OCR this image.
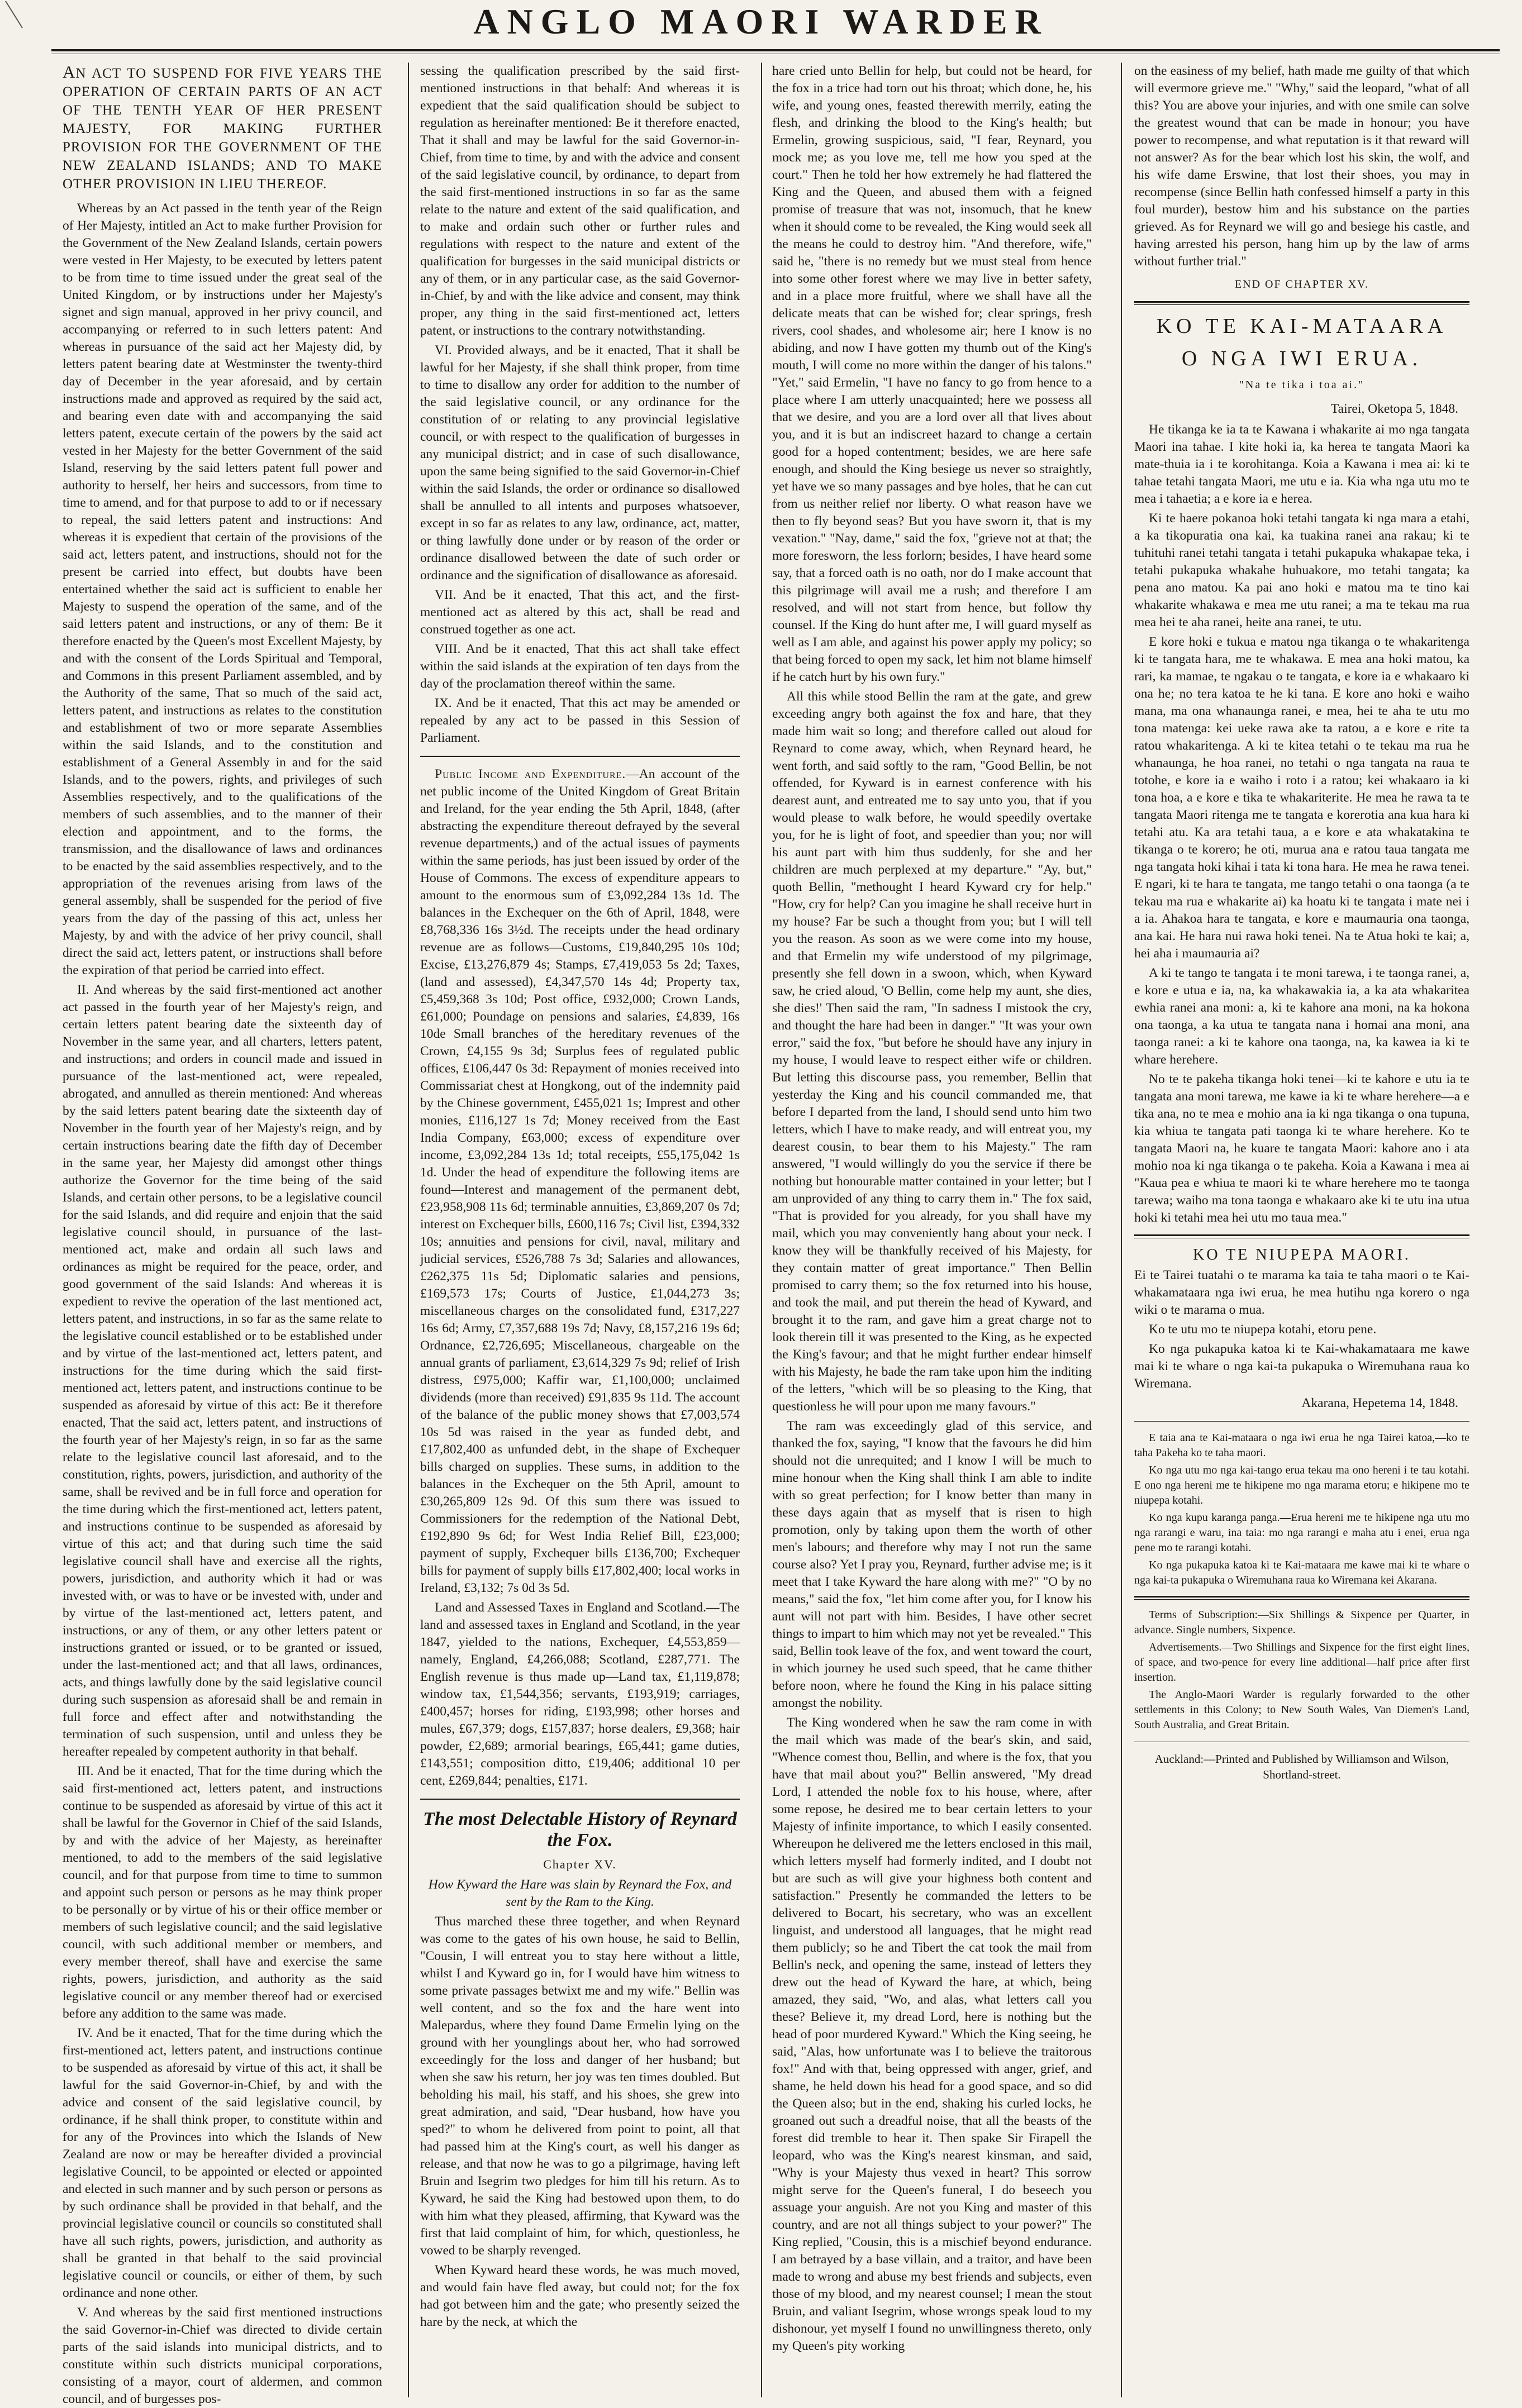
ANGLO MAORI WARDER
AN ACT TO SUSPEND FOR FIVE YEARS THE OPERATION OF CERTAIN PARTS OF AN ACT OF THE TENTH YEAR OF HER PRESENT MAJESTY, FOR MAKING FURTHER PROVISION FOR THE GOVERNMENT OF THE NEW ZEALAND ISLANDS; AND TO MAKE OTHER PROVISION IN LIEU THEREOF.

Whereas by an Act passed in the tenth year of the Reign of Her Majesty, intitled an Act to make further Provision for the Government of the New Zealand Islands, certain powers were vested in Her Majesty, to be executed by letters patent to be from time to time issued under the great seal of the United Kingdom, or by instructions under her Majesty's signet and sign manual, approved in her privy council, and accompanying or referred to in such letters patent: And whereas in pursuance of the said act her Majesty did, by letters patent bearing date at Westminster the twenty-third day of December in the year aforesaid, and by certain instructions made and approved as required by the said act, and bearing even date with and accompanying the said letters patent, execute certain of the powers by the said act vested in her Majesty for the better Government of the said Island, reserving by the said letters patent full power and authority to herself, her heirs and successors, from time to time to amend, and for that purpose to add to or if necessary to repeal, the said letters patent and instructions: And whereas it is expedient that certain of the provisions of the said act, letters patent, and instructions, should not for the present be carried into effect, but doubts have been entertained whether the said act is sufficient to enable her Majesty to suspend the operation of the same, and of the said letters patent and instructions, or any of them: Be it therefore enacted by the Queen's most Excellent Majesty, by and with the consent of the Lords Spiritual and Temporal, and Commons in this present Parliament assembled, and by the Authority of the same, That so much of the said act, letters patent, and instructions as relates to the constitution and establishment of two or more separate Assemblies within the said Islands, and to the constitution and establishment of a General Assembly in and for the said Islands, and to the powers, rights, and privileges of such Assemblies respectively, and to the qualifications of the members of such assemblies, and to the manner of their election and appointment, and to the forms, the transmission, and the disallowance of laws and ordinances to be enacted by the said assemblies respectively, and to the appropriation of the revenues arising from laws of the general assembly, shall be suspended for the period of five years from the day of the passing of this act, unless her Majesty, by and with the advice of her privy council, shall direct the said act, letters patent, or instructions shall before the expiration of that period be carried into effect.

II. And whereas by the said first-mentioned act another act passed in the fourth year of her Majesty's reign, and certain letters patent bearing date the sixteenth day of November in the same year, and all charters, letters patent, and instructions; and orders in council made and issued in pursuance of the last-mentioned act, were repealed, abrogated, and annulled as therein mentioned: And whereas by the said letters patent bearing date the sixteenth day of November in the fourth year of her Majesty's reign, and by certain instructions bearing date the fifth day of December in the same year, her Majesty did amongst other things authorize the Governor for the time being of the said Islands, and certain other persons, to be a legislative council for the said Islands, and did require and enjoin that the said legislative council should, in pursuance of the last-mentioned act, make and ordain all such laws and ordinances as might be required for the peace, order, and good government of the said Islands: And whereas it is expedient to revive the operation of the last mentioned act, letters patent, and instructions, in so far as the same relate to the legislative council established or to be established under and by virtue of the last-mentioned act, letters patent, and instructions for the time during which the said first-mentioned act, letters patent, and instructions continue to be suspended as aforesaid by virtue of this act: Be it therefore enacted, That the said act, letters patent, and instructions of the fourth year of her Majesty's reign, in so far as the same relate to the legislative council last aforesaid, and to the constitution, rights, powers, jurisdiction, and authority of the same, shall be revived and be in full force and operation for the time during which the first-mentioned act, letters patent, and instructions continue to be suspended as aforesaid by virtue of this act; and that during such time the said legislative council shall have and exercise all the rights, powers, jurisdiction, and authority which it had or was invested with, or was to have or be invested with, under and by virtue of the last-mentioned act, letters patent, and instructions, or any of them, or any other letters patent or instructions granted or issued, or to be granted or issued, under the last-mentioned act; and that all laws, ordinances, acts, and things lawfully done by the said legislative council during such suspension as aforesaid shall be and remain in full force and effect after and notwithstanding the termination of such suspension, until and unless they be hereafter repealed by competent authority in that behalf.

III. And be it enacted, That for the time during which the said first-mentioned act, letters patent, and instructions continue to be suspended as aforesaid by virtue of this act it shall be lawful for the Governor in Chief of the said Islands, by and with the advice of her Majesty, as hereinafter mentioned, to add to the members of the said legislative council, and for that purpose from time to time to summon and appoint such person or persons as he may think proper to be personally or by virtue of his or their office member or members of such legislative council; and the said legislative council, with such additional member or members, and every member thereof, shall have and exercise the same rights, powers, jurisdiction, and authority as the said legislative council or any member thereof had or exercised before any addition to the same was made.

IV. And be it enacted, That for the time during which the first-mentioned act, letters patent, and instructions continue to be suspended as aforesaid by virtue of this act, it shall be lawful for the said Governor-in-Chief, by and with the advice and consent of the said legislative council, by ordinance, if he shall think proper, to constitute within and for any of the Provinces into which the Islands of New Zealand are now or may be hereafter divided a provincial legislative Council, to be appointed or elected or appointed and elected in such manner and by such person or persons as by such ordinance shall be provided in that behalf, and the provincial legislative council or councils so constituted shall have all such rights, powers, jurisdiction, and authority as shall be granted in that behalf to the said provincial legislative council or councils, or either of them, by such ordinance and none other.

V. And whereas by the said first mentioned instructions the said Governor-in-Chief was directed to divide certain parts of the said islands into municipal districts, and to constitute within such districts municipal corporations, consisting of a mayor, court of aldermen, and common council, and of burgesses pos-

sessing the qualification prescribed by the said first-mentioned instructions in that behalf: And whereas it is expedient that the said qualification should be subject to regulation as hereinafter mentioned: Be it therefore enacted, That it shall and may be lawful for the said Governor-in-Chief, from time to time, by and with the advice and consent of the said legislative council, by ordinance, to depart from the said first-mentioned instructions in so far as the same relate to the nature and extent of the said qualification, and to make and ordain such other or further rules and regulations with respect to the nature and extent of the qualification for burgesses in the said municipal districts or any of them, or in any particular case, as the said Governor-in-Chief, by and with the like advice and consent, may think proper, any thing in the said first-mentioned act, letters patent, or instructions to the contrary notwithstanding.

VI. Provided always, and be it enacted, That it shall be lawful for her Majesty, if she shall think proper, from time to time to disallow any order for addition to the number of the said legislative council, or any ordinance for the constitution of or relating to any provincial legislative council, or with respect to the qualification of burgesses in any municipal district; and in case of such disallowance, upon the same being signified to the said Governor-in-Chief within the said Islands, the order or ordinance so disallowed shall be annulled to all intents and purposes whatsoever, except in so far as relates to any law, ordinance, act, matter, or thing lawfully done under or by reason of the order or ordinance disallowed between the date of such order or ordinance and the signification of disallowance as aforesaid.

VII. And be it enacted, That this act, and the first-mentioned act as altered by this act, shall be read and construed together as one act.

VIII. And be it enacted, That this act shall take effect within the said islands at the expiration of ten days from the day of the proclamation thereof within the same.

IX. And be it enacted, That this act may be amended or repealed by any act to be passed in this Session of Parliament.

Public Income and Expenditure.—An account of the net public income of the United Kingdom of Great Britain and Ireland, for the year ending the 5th April, 1848, (after abstracting the expenditure thereout defrayed by the several revenue departments,) and of the actual issues of payments within the same periods, has just been issued by order of the House of Commons. The excess of expenditure appears to amount to the enormous sum of £3,092,284 13s 1d. The balances in the Exchequer on the 6th of April, 1848, were £8,768,336 16s 3½d. The receipts under the head ordinary revenue are as follows—Customs, £19,840,295 10s 10d; Excise, £13,276,879 4s; Stamps, £7,419,053 5s 2d; Taxes, (land and assessed), £4,347,570 14s 4d; Property tax, £5,459,368 3s 10d; Post office, £932,000; Crown Lands, £61,000; Poundage on pensions and salaries, £4,839, 16s 10de Small branches of the hereditary revenues of the Crown, £4,155 9s 3d; Surplus fees of regulated public offices, £106,447 0s 3d: Repayment of monies received into Commissariat chest at Hongkong, out of the indemnity paid by the Chinese government, £455,021 1s; Imprest and other monies, £116,127 1s 7d; Money received from the East India Company, £63,000; excess of expenditure over income, £3,092,284 13s 1d; total receipts, £55,175,042 1s 1d. Under the head of expenditure the following items are found—Interest and management of the permanent debt, £23,958,908 11s 6d; terminable annuities, £3,869,207 0s 7d; interest on Exchequer bills, £600,116 7s; Civil list, £394,332 10s; annuities and pensions for civil, naval, military and judicial services, £526,788 7s 3d; Salaries and allowances, £262,375 11s 5d; Diplomatic salaries and pensions, £169,573 17s; Courts of Justice, £1,044,273 3s; miscellaneous charges on the consolidated fund, £317,227 16s 6d; Army, £7,357,688 19s 7d; Navy, £8,157,216 19s 6d; Ordnance, £2,726,695; Miscellaneous, chargeable on the annual grants of parliament, £3,614,329 7s 9d; relief of Irish distress, £975,000; Kaffir war, £1,100,000; unclaimed dividends (more than received) £91,835 9s 11d. The account of the balance of the public money shows that £7,003,574 10s 5d was raised in the year as funded debt, and £17,802,400 as unfunded debt, in the shape of Exchequer bills charged on supplies. These sums, in addition to the balances in the Exchequer on the 5th April, amount to £30,265,809 12s 9d. Of this sum there was issued to Commissioners for the redemption of the National Debt, £192,890 9s 6d; for West India Relief Bill, £23,000; payment of supply, Exchequer bills £136,700; Exchequer bills for payment of supply bills £17,802,400; local works in Ireland, £3,132; 7s 0d 3s 5d.

Land and Assessed Taxes in England and Scotland.—The land and assessed taxes in England and Scotland, in the year 1847, yielded to the nations, Exchequer, £4,553,859—namely, England, £4,266,088; Scotland, £287,771. The English revenue is thus made up—Land tax, £1,119,878; window tax, £1,544,356; servants, £193,919; carriages, £400,457; horses for riding, £193,998; other horses and mules, £67,379; dogs, £157,837; horse dealers, £9,368; hair powder, £2,689; armorial bearings, £65,441; game duties, £143,551; composition ditto, £19,406; additional 10 per cent, £269,844; penalties, £171.

The most Delectable History of Reynard the Fox.
Chapter XV.

How Kyward the Hare was slain by Reynard the Fox, and sent by the Ram to the King.

Thus marched these three together, and when Reynard was come to the gates of his own house, he said to Bellin, "Cousin, I will entreat you to stay here without a little, whilst I and Kyward go in, for I would have him witness to some private passages betwixt me and my wife." Bellin was well content, and so the fox and the hare went into Malepardus, where they found Dame Ermelin lying on the ground with her younglings about her, who had sorrowed exceedingly for the loss and danger of her husband; but when she saw his return, her joy was ten times doubled. But beholding his mail, his staff, and his shoes, she grew into great admiration, and said, "Dear husband, how have you sped?" to whom he delivered from point to point, all that had passed him at the King's court, as well his danger as release, and that now he was to go a pilgrimage, having left Bruin and Isegrim two pledges for him till his return. As to Kyward, he said the King had bestowed upon them, to do with him what they pleased, affirming, that Kyward was the first that laid complaint of him, for which, questionless, he vowed to be sharply revenged.

When Kyward heard these words, he was much moved, and would fain have fled away, but could not; for the fox had got between him and the gate; who presently seized the hare by the neck, at which the

hare cried unto Bellin for help, but could not be heard, for the fox in a trice had torn out his throat; which done, he, his wife, and young ones, feasted therewith merrily, eating the flesh, and drinking the blood to the King's health; but Ermelin, growing suspicious, said, "I fear, Reynard, you mock me; as you love me, tell me how you sped at the court." Then he told her how extremely he had flattered the King and the Queen, and abused them with a feigned promise of treasure that was not, insomuch, that he knew when it should come to be revealed, the King would seek all the means he could to destroy him. "And therefore, wife," said he, "there is no remedy but we must steal from hence into some other forest where we may live in better safety, and in a place more fruitful, where we shall have all the delicate meats that can be wished for; clear springs, fresh rivers, cool shades, and wholesome air; here I know is no abiding, and now I have gotten my thumb out of the King's mouth, I will come no more within the danger of his talons." "Yet," said Ermelin, "I have no fancy to go from hence to a place where I am utterly unacquainted; here we possess all that we desire, and you are a lord over all that lives about you, and it is but an indiscreet hazard to change a certain good for a hoped contentment; besides, we are here safe enough, and should the King besiege us never so straightly, yet have we so many passages and bye holes, that he can cut from us neither relief nor liberty. O what reason have we then to fly beyond seas? But you have sworn it, that is my vexation." "Nay, dame," said the fox, "grieve not at that; the more foresworn, the less forlorn; besides, I have heard some say, that a forced oath is no oath, nor do I make account that this pilgrimage will avail me a rush; and therefore I am resolved, and will not start from hence, but follow thy counsel. If the King do hunt after me, I will guard myself as well as I am able, and against his power apply my policy; so that being forced to open my sack, let him not blame himself if he catch hurt by his own fury."

All this while stood Bellin the ram at the gate, and grew exceeding angry both against the fox and hare, that they made him wait so long; and therefore called out aloud for Reynard to come away, which, when Reynard heard, he went forth, and said softly to the ram, "Good Bellin, be not offended, for Kyward is in earnest conference with his dearest aunt, and entreated me to say unto you, that if you would please to walk before, he would speedily overtake you, for he is light of foot, and speedier than you; nor will his aunt part with him thus suddenly, for she and her children are much perplexed at my departure." "Ay, but," quoth Bellin, "methought I heard Kyward cry for help." "How, cry for help? Can you imagine he shall receive hurt in my house? Far be such a thought from you; but I will tell you the reason. As soon as we were come into my house, and that Ermelin my wife understood of my pilgrimage, presently she fell down in a swoon, which, when Kyward saw, he cried aloud, 'O Bellin, come help my aunt, she dies, she dies!' Then said the ram, "In sadness I mistook the cry, and thought the hare had been in danger." "It was your own error," said the fox, "but before he should have any injury in my house, I would leave to respect either wife or children. But letting this discourse pass, you remember, Bellin that yesterday the King and his council commanded me, that before I departed from the land, I should send unto him two letters, which I have to make ready, and will entreat you, my dearest cousin, to bear them to his Majesty." The ram answered, "I would willingly do you the service if there be nothing but honourable matter contained in your letter; but I am unprovided of any thing to carry them in." The fox said, "That is provided for you already, for you shall have my mail, which you may conveniently hang about your neck. I know they will be thankfully received of his Majesty, for they contain matter of great importance." Then Bellin promised to carry them; so the fox returned into his house, and took the mail, and put therein the head of Kyward, and brought it to the ram, and gave him a great charge not to look therein till it was presented to the King, as he expected the King's favour; and that he might further endear himself with his Majesty, he bade the ram take upon him the inditing of the letters, "which will be so pleasing to the King, that questionless he will pour upon me many favours."

The ram was exceedingly glad of this service, and thanked the fox, saying, "I know that the favours he did him should not die unrequited; and I know I will be much to mine honour when the King shall think I am able to indite with so great perfection; for I know better than many in these days again that as myself that is risen to high promotion, only by taking upon them the worth of other men's labours; and therefore why may I not run the same course also? Yet I pray you, Reynard, further advise me; is it meet that I take Kyward the hare along with me?" "O by no means," said the fox, "let him come after you, for I know his aunt will not part with him. Besides, I have other secret things to impart to him which may not yet be revealed." This said, Bellin took leave of the fox, and went toward the court, in which journey he used such speed, that he came thither before noon, where he found the King in his palace sitting amongst the nobility.

The King wondered when he saw the ram come in with the mail which was made of the bear's skin, and said, "Whence comest thou, Bellin, and where is the fox, that you have that mail about you?" Bellin answered, "My dread Lord, I attended the noble fox to his house, where, after some repose, he desired me to bear certain letters to your Majesty of infinite importance, to which I easily consented. Whereupon he delivered me the letters enclosed in this mail, which letters myself had formerly indited, and I doubt not but are such as will give your highness both content and satisfaction." Presently he commanded the letters to be delivered to Bocart, his secretary, who was an excellent linguist, and understood all languages, that he might read them publicly; so he and Tibert the cat took the mail from Bellin's neck, and opening the same, instead of letters they drew out the head of Kyward the hare, at which, being amazed, they said, "Wo, and alas, what letters call you these? Believe it, my dread Lord, here is nothing but the head of poor murdered Kyward." Which the King seeing, he said, "Alas, how unfortunate was I to believe the traitorous fox!" And with that, being oppressed with anger, grief, and shame, he held down his head for a good space, and so did the Queen also; but in the end, shaking his curled locks, he groaned out such a dreadful noise, that all the beasts of the forest did tremble to hear it. Then spake Sir Firapell the leopard, who was the King's nearest kinsman, and said, "Why is your Majesty thus vexed in heart? This sorrow might serve for the Queen's funeral, I do beseech you assuage your anguish. Are not you King and master of this country, and are not all things subject to your power?" The King replied, "Cousin, this is a mischief beyond endurance. I am betrayed by a base villain, and a traitor, and have been made to wrong and abuse my best friends and subjects, even those of my blood, and my nearest counsel; I mean the stout Bruin, and valiant Isegrim, whose wrongs speak loud to my dishonour, yet myself I found no unwillingness thereto, only my Queen's pity working

on the easiness of my belief, hath made me guilty of that which will evermore grieve me." "Why," said the leopard, "what of all this? You are above your injuries, and with one smile can solve the greatest wound that can be made in honour; you have power to recompense, and what reputation is it that reward will not answer? As for the bear which lost his skin, the wolf, and his wife dame Erswine, that lost their shoes, you may in recompense (since Bellin hath confessed himself a party in this foul murder), bestow him and his substance on the parties grieved. As for Reynard we will go and besiege his castle, and having arrested his person, hang him up by the law of arms without further trial."

END OF CHAPTER XV.
KO TE KAI-MATAARA
O NGA IWI ERUA.
"Na te tika i toa ai."
Tairei, Oketopa 5, 1848.

He tikanga ke ia ta te Kawana i whakarite ai mo nga tangata Maori ina tahae. I kite hoki ia, ka herea te tangata Maori ka mate-thuia ia i te korohitanga. Koia a Kawana i mea ai: ki te tahae tetahi tangata Maori, me utu e ia. Kia wha nga utu mo te mea i tahaetia; a e kore ia e herea.

Ki te haere pokanoa hoki tetahi tangata ki nga mara a etahi, a ka tikopuratia ona kai, ka tuakina ranei ana rakau; ki te tuhituhi ranei tetahi tangata i tetahi pukapuka whakapae teka, i tetahi pukapuka whakahe huhuakore, mo tetahi tangata; ka pena ano matou. Ka pai ano hoki e matou ma te tino kai whakarite whakawa e mea me utu ranei; a ma te tekau ma rua mea hei te aha ranei, heite ana ranei, te utu.

E kore hoki e tukua e matou nga tikanga o te whakaritenga ki te tangata hara, me te whakawa. E mea ana hoki matou, ka rari, ka mamae, te ngakau o te tangata, e kore ia e whakaaro ki ona he; no tera katoa te he ki tana. E kore ano hoki e waiho mana, ma ona whanaunga ranei, e mea, hei te aha te utu mo tona matenga: kei ueke rawa ake ta ratou, a e kore e rite ta ratou whakaritenga. A ki te kitea tetahi o te tekau ma rua he whanaunga, he hoa ranei, no tetahi o nga tangata na raua te totohe, e kore ia e waiho i roto i a ratou; kei whakaaro ia ki tona hoa, a e kore e tika te whakariterite. He mea he rawa ta te tangata Maori ritenga me te tangata e korerotia ana kua hara ki tetahi atu. Ka ara tetahi taua, a e kore e ata whakatakina te tikanga o te korero; he oti, murua ana e ratou taua tangata me nga tangata hoki kihai i tata ki tona hara. He mea he rawa tenei. E ngari, ki te hara te tangata, me tango tetahi o ona taonga (a te tekau ma rua e whakarite ai) ka hoatu ki te tangata i mate nei i a ia. Ahakoa hara te tangata, e kore e maumauria ona taonga, ana kai. He hara nui rawa hoki tenei. Na te Atua hoki te kai; a, hei aha i maumauria ai?

A ki te tango te tangata i te moni tarewa, i te taonga ranei, a, e kore e utua e ia, na, ka whakawakia ia, a ka ata whakaritea ewhia ranei ana moni: a, ki te kahore ana moni, na ka hokona ona taonga, a ka utua te tangata nana i homai ana moni, ana taonga ranei: a ki te kahore ona taonga, na, ka kawea ia ki te whare herehere.

No te te pakeha tikanga hoki tenei—ki te kahore e utu ia te tangata ana moni tarewa, me kawe ia ki te whare herehere—a e tika ana, no te mea e mohio ana ia ki nga tikanga o ona tupuna, kia whiua te tangata pati taonga ki te whare herehere. Ko te tangata Maori na, he kuare te tangata Maori: kahore ano i ata mohio noa ki nga tikanga o te pakeha. Koia a Kawana i mea ai "Kaua pea e whiua te maori ki te whare herehere mo te taonga tarewa; waiho ma tona taonga e whakaaro ake ki te utu ina utua hoki ki tetahi mea hei utu mo taua mea."

KO TE NIUPEPA MAORI.

Ei te Tairei tuatahi o te marama ka taia te taha maori o te Kai-whakamataara nga iwi erua, he mea hutihu nga korero o nga wiki o te marama o mua.

Ko te utu mo te niupepa kotahi, etoru pene.

Ko nga pukapuka katoa ki te Kai-whakamataara me kawe mai ki te whare o nga kai-ta pukapuka o Wiremuhana raua ko Wiremana.

Akarana, Hepetema 14, 1848.

E taia ana te Kai-mataara o nga iwi erua he nga Tairei katoa,—ko te taha Pakeha ko te taha maori.

Ko nga utu mo nga kai-tango erua tekau ma ono hereni i te tau kotahi. E ono nga hereni me te hikipene mo nga marama etoru; e hikipene mo te niupepa kotahi.

Ko nga kupu karanga panga.—Erua hereni me te hikipene nga utu mo nga rarangi e waru, ina taia: mo nga rarangi e maha atu i enei, erua nga pene mo te rarangi kotahi.

Ko nga pukapuka katoa ki te Kai-mataara me kawe mai ki te whare o nga kai-ta pukapuka o Wiremuhana raua ko Wiremana kei Akarana.

Terms of Subscription:—Six Shillings & Sixpence per Quarter, in advance. Single numbers, Sixpence.

Advertisements.—Two Shillings and Sixpence for the first eight lines, of space, and two-pence for every line additional—half price after first insertion.

The Anglo-Maori Warder is regularly forwarded to the other settlements in this Colony; to New South Wales, Van Diemen's Land, South Australia, and Great Britain.

Auckland:—Printed and Published by Williamson and Wilson, Shortland-street.
